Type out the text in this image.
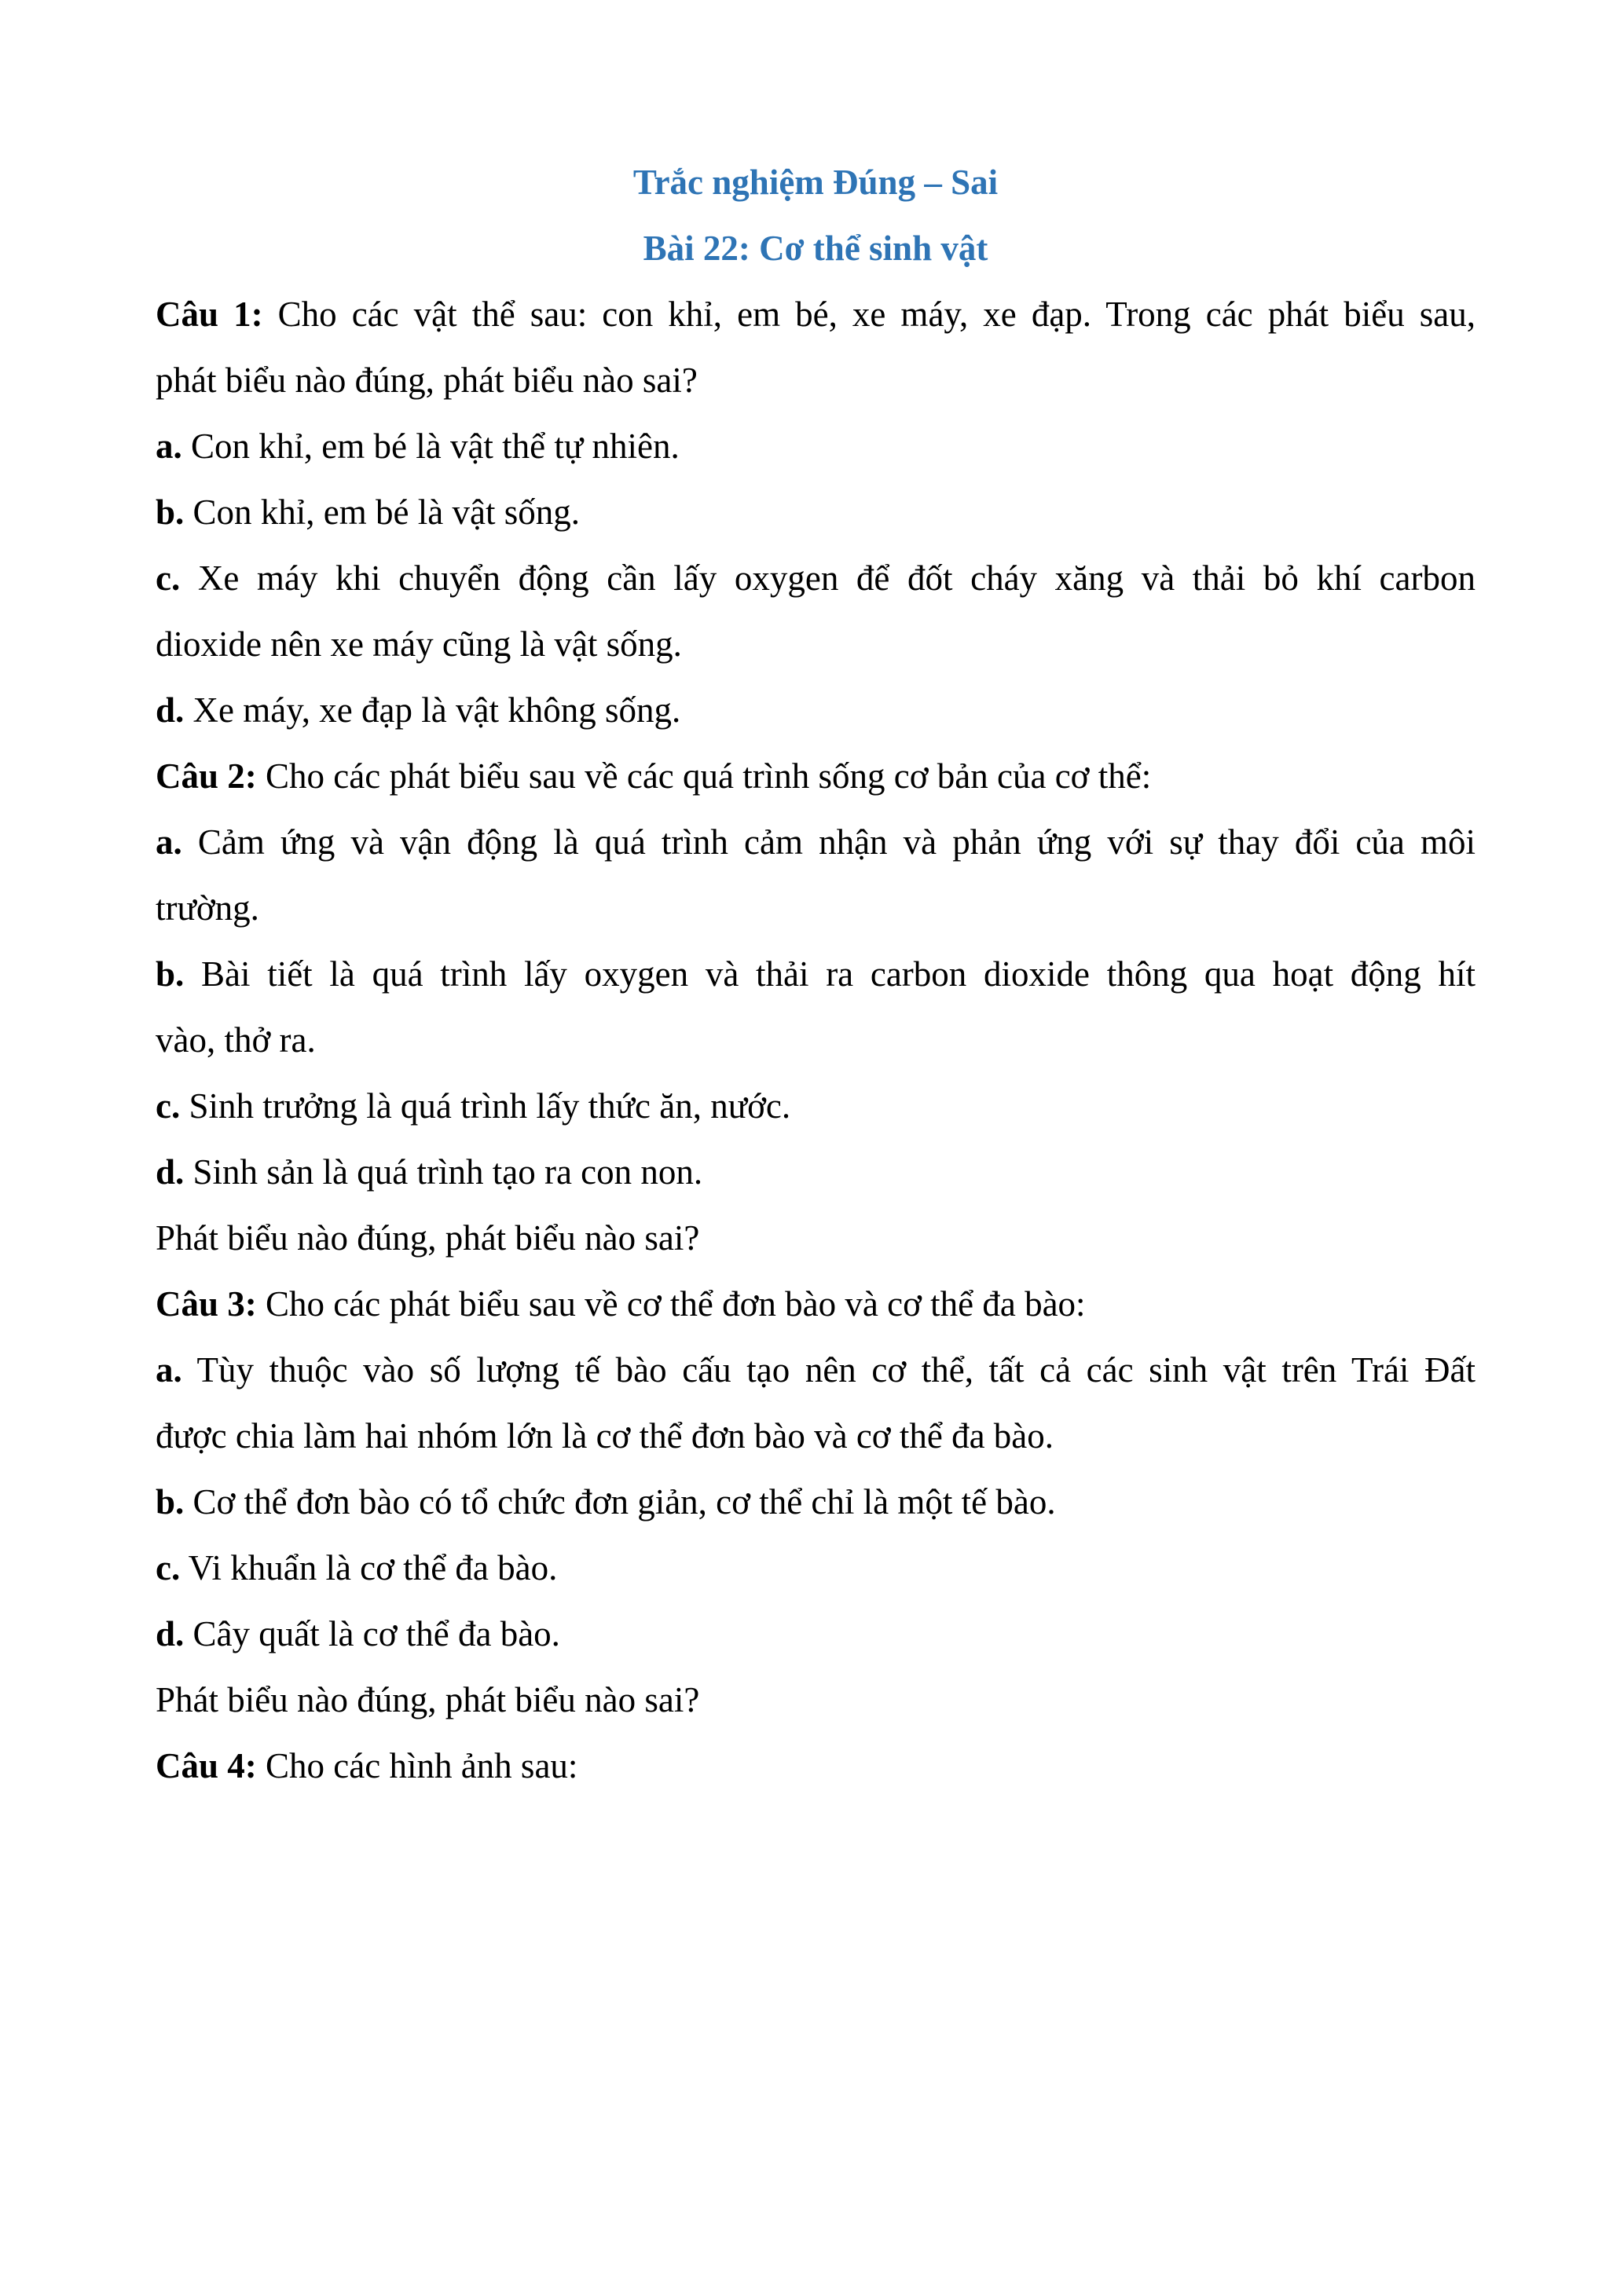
Trắc nghiệm Đúng – Sai
Bài 22: Cơ thể sinh vật
Câu 1: Cho các vật thể sau: con khỉ, em bé, xe máy, xe đạp. Trong các phát biểu sau,
phát biểu nào đúng, phát biểu nào sai?
a. Con khỉ, em bé là vật thể tự nhiên.
b. Con khỉ, em bé là vật sống.
c. Xe máy khi chuyển động cần lấy oxygen để đốt cháy xăng và thải bỏ khí carbon
dioxide nên xe máy cũng là vật sống.
d. Xe máy, xe đạp là vật không sống.
Câu 2: Cho các phát biểu sau về các quá trình sống cơ bản của cơ thể:
a. Cảm ứng và vận động là quá trình cảm nhận và phản ứng với sự thay đổi của môi
trường.
b. Bài tiết là quá trình lấy oxygen và thải ra carbon dioxide thông qua hoạt động hít
vào, thở ra.
c. Sinh trưởng là quá trình lấy thức ăn, nước.
d. Sinh sản là quá trình tạo ra con non.
Phát biểu nào đúng, phát biểu nào sai?
Câu 3: Cho các phát biểu sau về cơ thể đơn bào và cơ thể đa bào:
a. Tùy thuộc vào số lượng tế bào cấu tạo nên cơ thể, tất cả các sinh vật trên Trái Đất
được chia làm hai nhóm lớn là cơ thể đơn bào và cơ thể đa bào.
b. Cơ thể đơn bào có tổ chức đơn giản, cơ thể chỉ là một tế bào.
c. Vi khuẩn là cơ thể đa bào.
d. Cây quất là cơ thể đa bào.
Phát biểu nào đúng, phát biểu nào sai?
Câu 4: Cho các hình ảnh sau:
